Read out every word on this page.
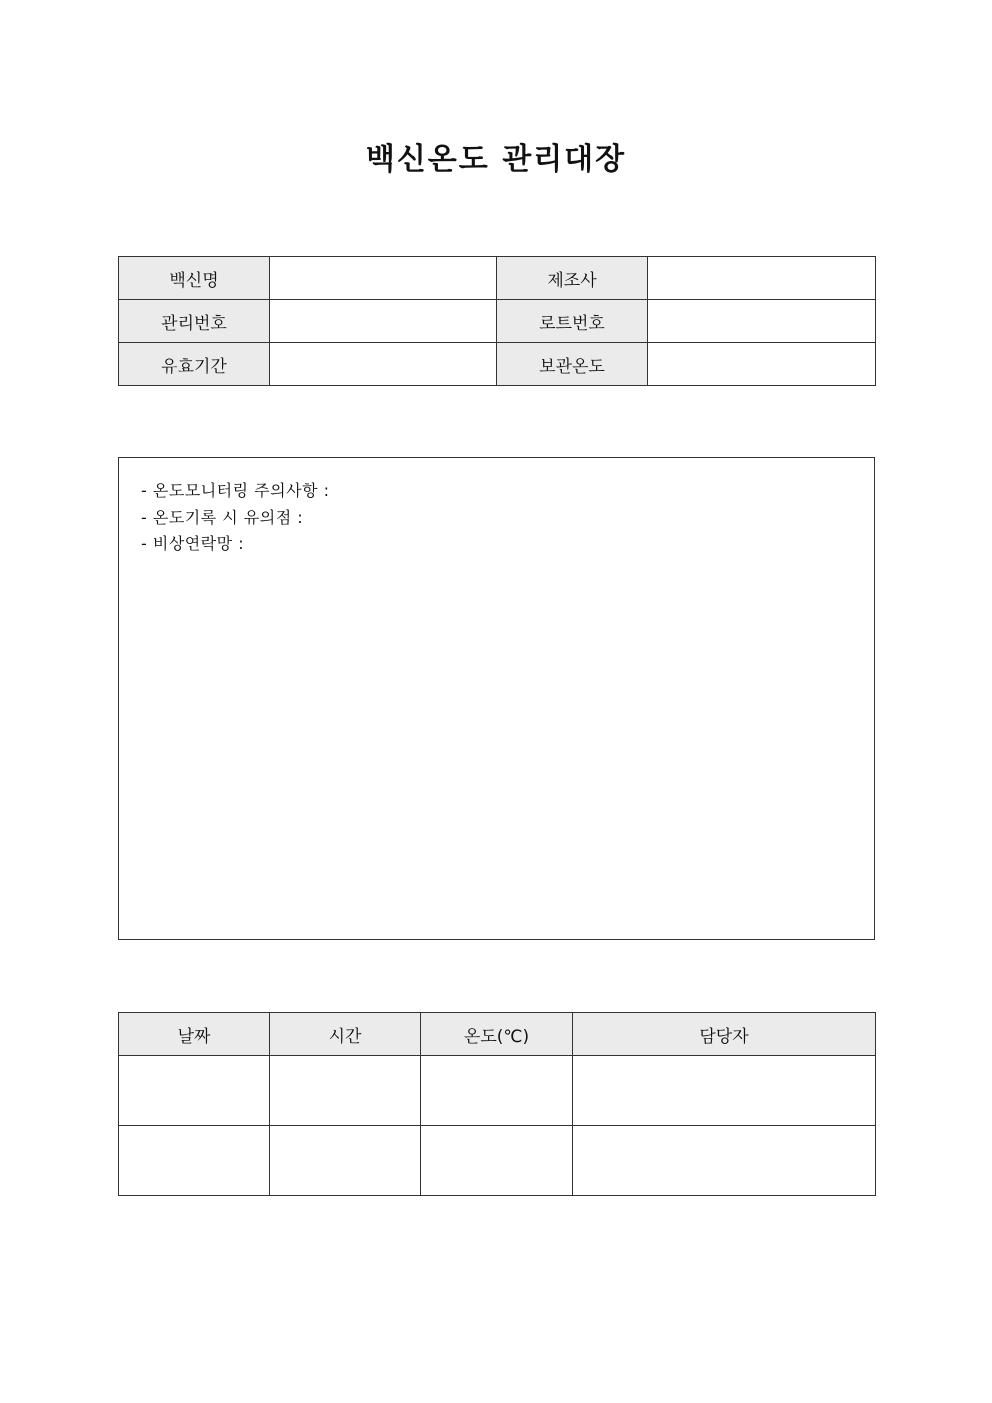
백신온도 관리대장
백신명		제조사	
관리번호		로트번호	
유효기간		보관온도	
- 온도모니터링 주의사항 :
- 온도기록 시 유의점 :
- 비상연락망 :
날짜	시간	온도(℃)	담당자
